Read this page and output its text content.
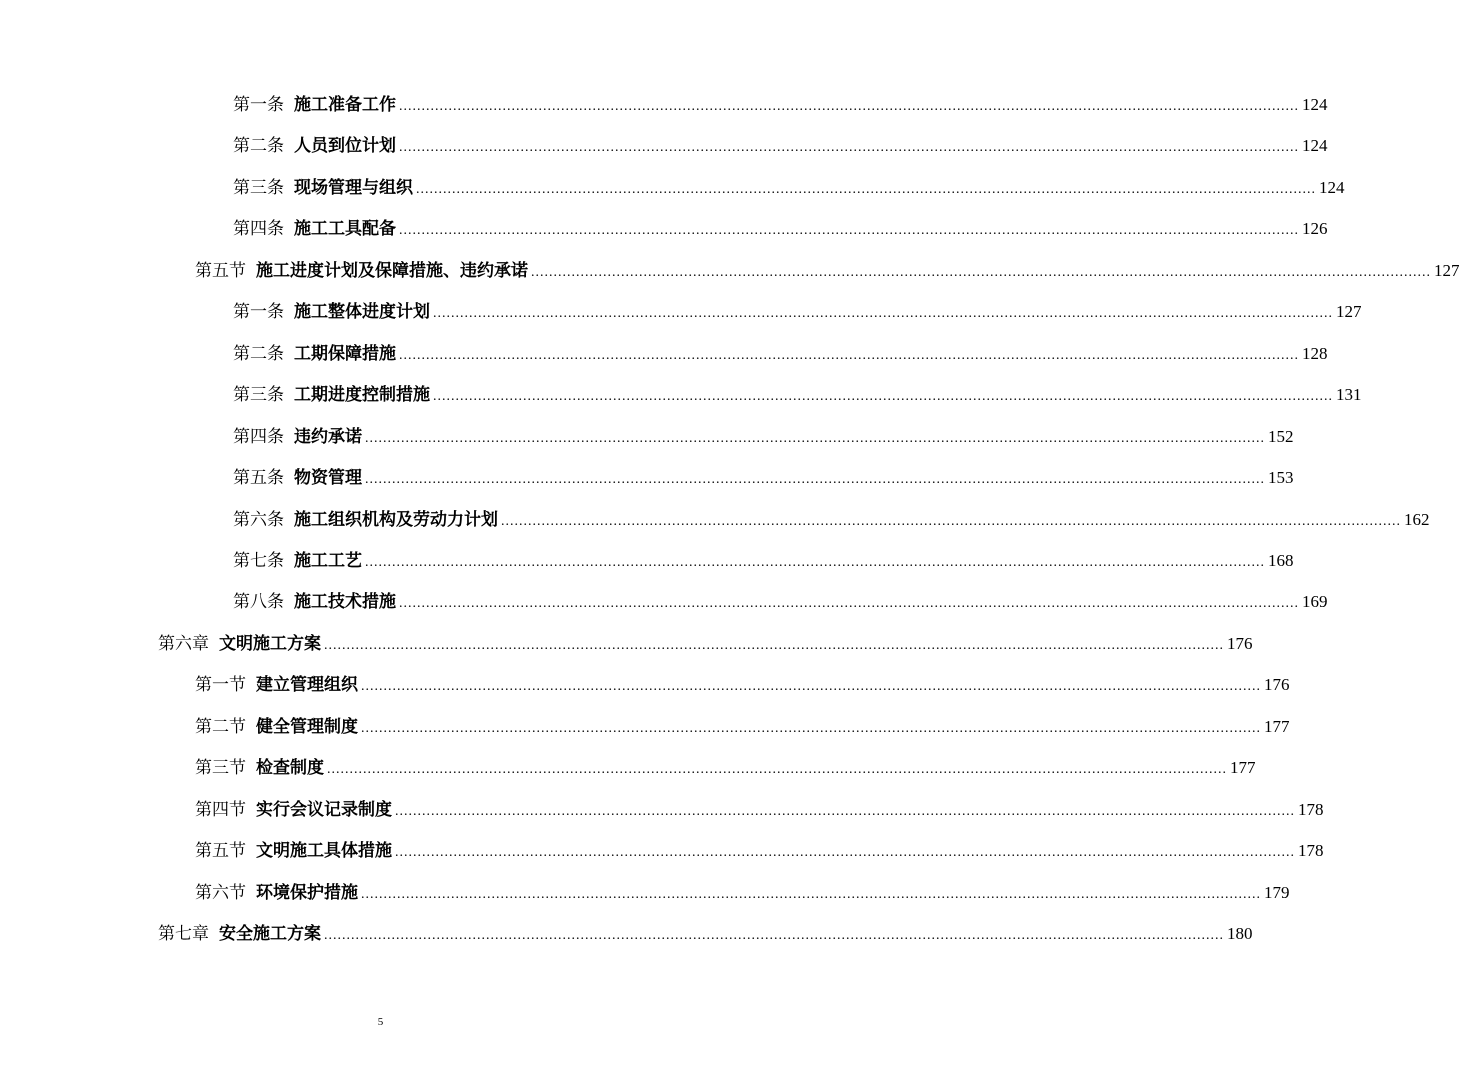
第一条 施工准备工作 ........................................................................................................................................................................................................ 124
第二条 人员到位计划 ........................................................................................................................................................................................................ 124
第三条 现场管理与组织 ........................................................................................................................................................................................................ 124
第四条 施工工具配备 ........................................................................................................................................................................................................ 126
第五节 施工进度计划及保障措施、违约承诺 ........................................................................................................................................................................................................ 127
第一条 施工整体进度计划 ........................................................................................................................................................................................................ 127
第二条 工期保障措施 ........................................................................................................................................................................................................ 128
第三条 工期进度控制措施 ........................................................................................................................................................................................................ 131
第四条 违约承诺 ........................................................................................................................................................................................................ 152
第五条 物资管理 ........................................................................................................................................................................................................ 153
第六条 施工组织机构及劳动力计划 ........................................................................................................................................................................................................ 162
第七条 施工工艺 ........................................................................................................................................................................................................ 168
第八条 施工技术措施 ........................................................................................................................................................................................................ 169
第六章 文明施工方案 ........................................................................................................................................................................................................ 176
第一节 建立管理组织 ........................................................................................................................................................................................................ 176
第二节 健全管理制度 ........................................................................................................................................................................................................ 177
第三节 检查制度 ........................................................................................................................................................................................................ 177
第四节 实行会议记录制度 ........................................................................................................................................................................................................ 178
第五节 文明施工具体措施 ........................................................................................................................................................................................................ 178
第六节 环境保护措施 ........................................................................................................................................................................................................ 179
第七章 安全施工方案 ........................................................................................................................................................................................................ 180
5
